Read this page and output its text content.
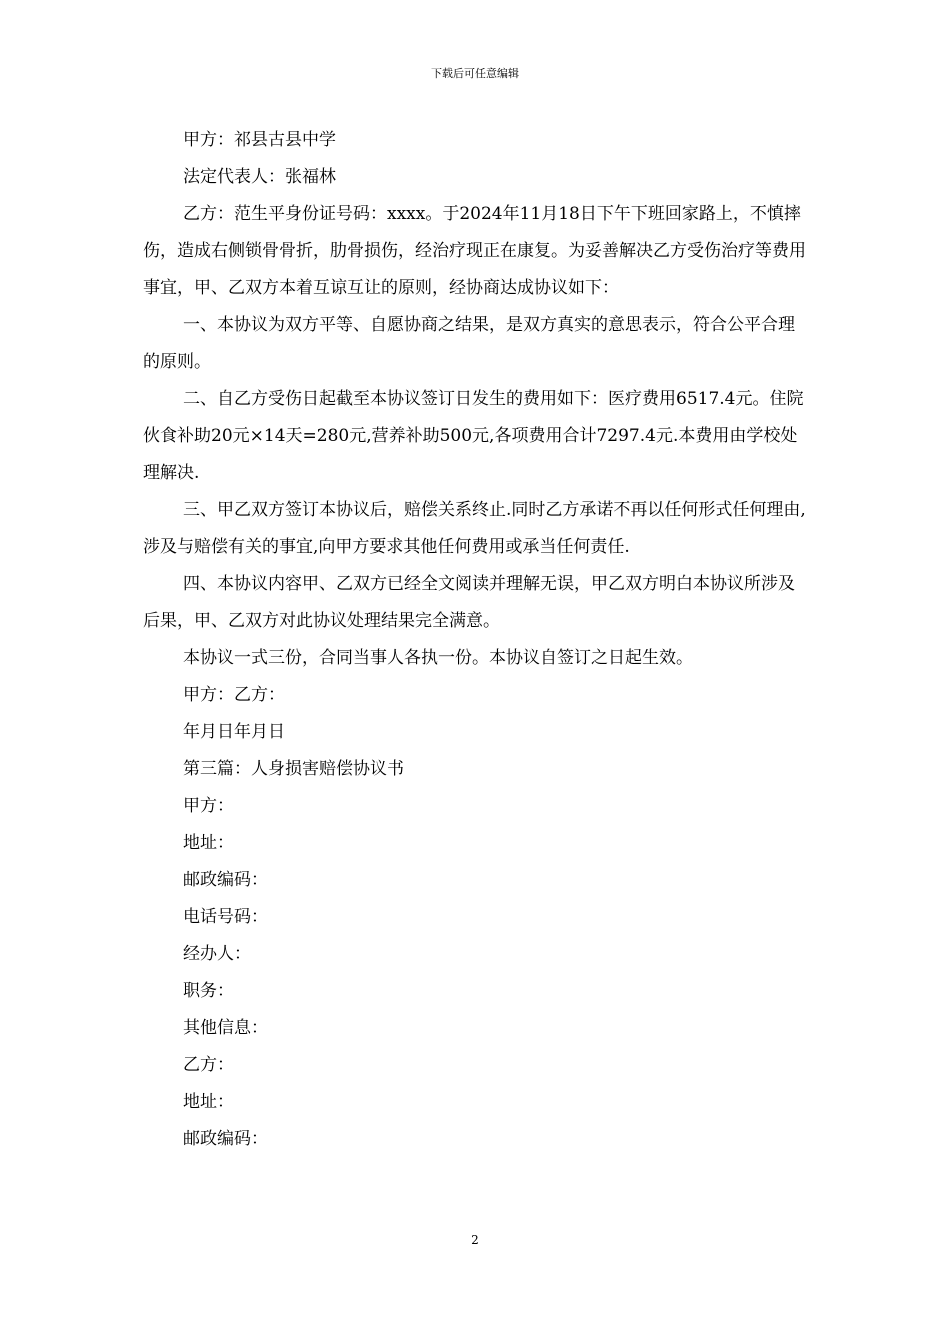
下载后可任意编辑

甲方：祁县古县中学

法定代表人：张福林

乙方：范生平身份证号码：xxxx。于2024年11月18日下午下班回家路上，不慎摔伤，造成右侧锁骨骨折，肋骨损伤，经治疗现正在康复。为妥善解决乙方受伤治疗等费用事宜，甲、乙双方本着互谅互让的原则，经协商达成协议如下：

一、本协议为双方平等、自愿协商之结果，是双方真实的意思表示，符合公平合理的原则。

二、自乙方受伤日起截至本协议签订日发生的费用如下：医疗费用6517.4元。住院伙食补助20元×14天=280元,营养补助500元,各项费用合计7297.4元.本费用由学校处理解决.

三、甲乙双方签订本协议后，赔偿关系终止.同时乙方承诺不再以任何形式任何理由,涉及与赔偿有关的事宜,向甲方要求其他任何费用或承当任何责任.

四、本协议内容甲、乙双方已经全文阅读并理解无误，甲乙双方明白本协议所涉及后果，甲、乙双方对此协议处理结果完全满意。

本协议一式三份，合同当事人各执一份。本协议自签订之日起生效。

甲方：乙方：

年月日年月日

第三篇：人身损害赔偿协议书

甲方：

地址：

邮政编码：

电话号码：

经办人：

职务：

其他信息：

乙方：

地址：

邮政编码：

2
